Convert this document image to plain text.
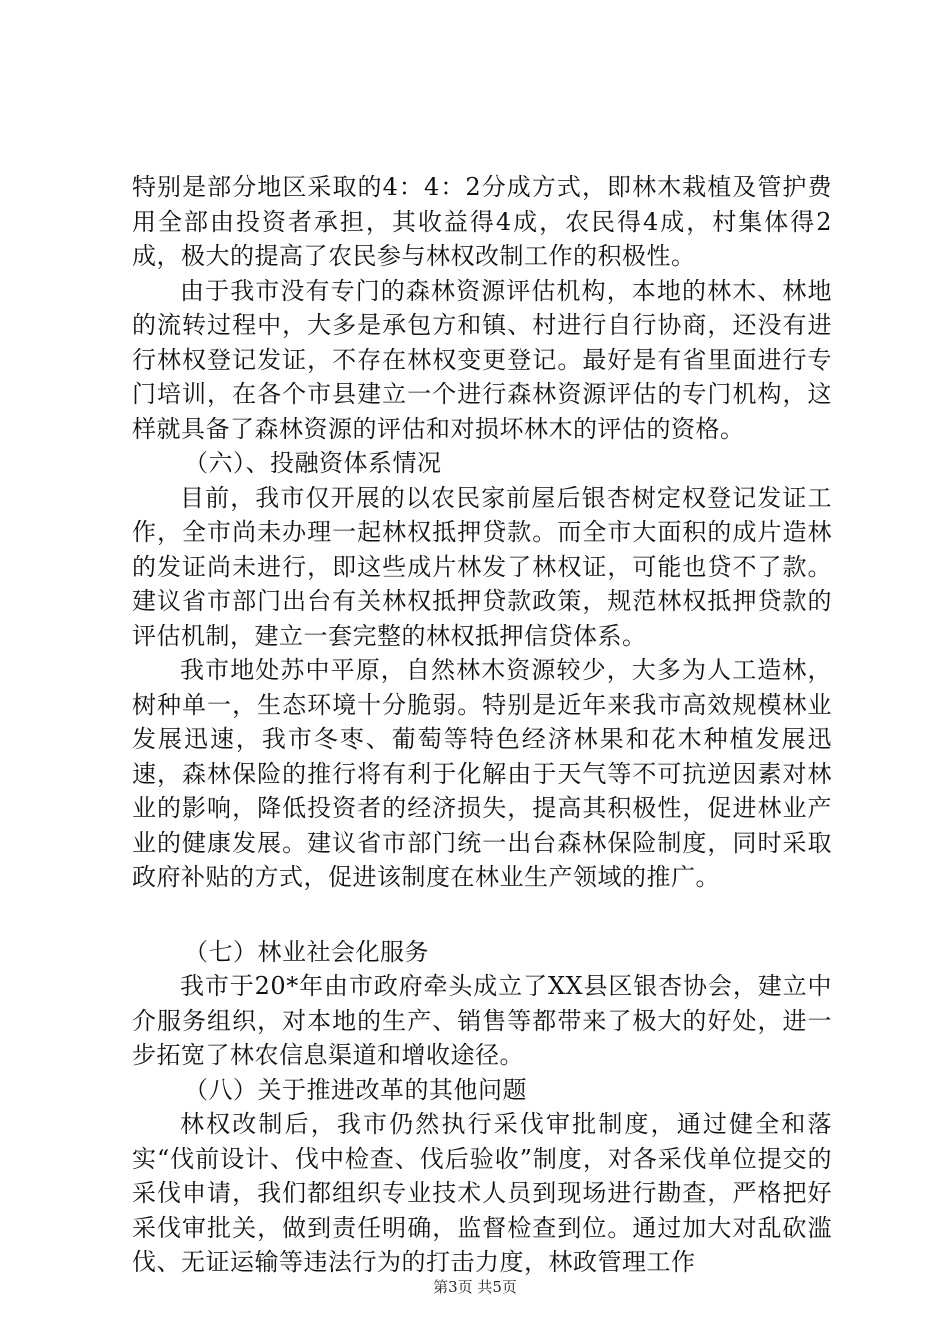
特别是部分地区采取的4：4：2分成方式，即林木栽植及管护费用全部由投资者承担，其收益得4成，农民得4成，村集体得2成，极大的提高了农民参与林权改制工作的积极性。

由于我市没有专门的森林资源评估机构，本地的林木、林地的流转过程中，大多是承包方和镇、村进行自行协商，还没有进行林权登记发证，不存在林权变更登记。最好是有省里面进行专门培训，在各个市县建立一个进行森林资源评估的专门机构，这样就具备了森林资源的评估和对损坏林木的评估的资格。

（六）、投融资体系情况

目前，我市仅开展的以农民家前屋后银杏树定权登记发证工作，全市尚未办理一起林权抵押贷款。而全市大面积的成片造林的发证尚未进行，即这些成片林发了林权证，可能也贷不了款。建议省市部门出台有关林权抵押贷款政策，规范林权抵押贷款的评估机制，建立一套完整的林权抵押信贷体系。

我市地处苏中平原，自然林木资源较少，大多为人工造林，树种单一，生态环境十分脆弱。特别是近年来我市高效规模林业发展迅速，我市冬枣、葡萄等特色经济林果和花木种植发展迅速，森林保险的推行将有利于化解由于天气等不可抗逆因素对林业的影响，降低投资者的经济损失，提高其积极性，促进林业产业的健康发展。建议省市部门统一出台森林保险制度，同时采取政府补贴的方式，促进该制度在林业生产领域的推广。

（七）林业社会化服务

我市于20*年由市政府牵头成立了XX县区银杏协会，建立中介服务组织，对本地的生产、销售等都带来了极大的好处，进一步拓宽了林农信息渠道和增收途径。

（八）关于推进改革的其他问题

林权改制后，我市仍然执行采伐审批制度，通过健全和落实“伐前设计、伐中检查、伐后验收”制度，对各采伐单位提交的采伐申请，我们都组织专业技术人员到现场进行勘查，严格把好采伐审批关，做到责任明确，监督检查到位。通过加大对乱砍滥伐、无证运输等违法行为的打击力度，林政管理工作

第3页 共5页
